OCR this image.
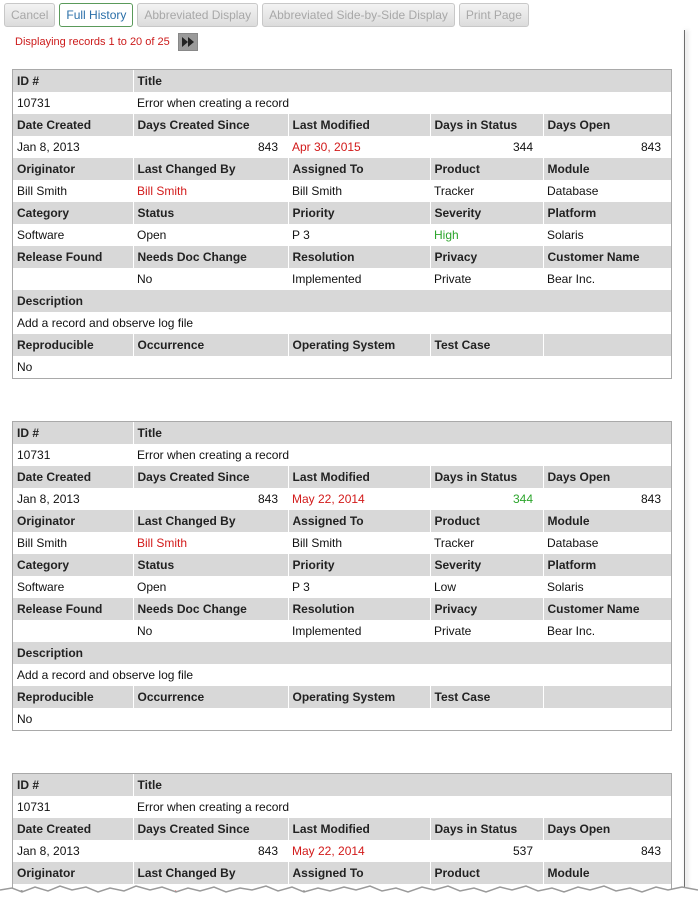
Cancel	Full History	Abbreviated Display	Abbreviated Side-by-Side Display	Print Page
Displaying records 1 to 20 of 25
ID #	Title			
10731	Error when creating a record			
Date Created	Days Created Since	Last Modified	Days in Status	Days Open
Jan 8, 2013	843	Apr 30, 2015	344	843
Originator	Last Changed By	Assigned To	Product	Module
Bill Smith	Bill Smith	Bill Smith	Tracker	Database
Category	Status	Priority	Severity	Platform
Software	Open	P 3	High	Solaris
Release Found	Needs Doc Change	Resolution	Privacy	Customer Name
	No	Implemented	Private	Bear Inc.
Description				
Add a record and observe log file				
Reproducible	Occurrence	Operating System	Test Case	
No				
ID #	Title			
10731	Error when creating a record			
Date Created	Days Created Since	Last Modified	Days in Status	Days Open
Jan 8, 2013	843	May 22, 2014	344	843
Originator	Last Changed By	Assigned To	Product	Module
Bill Smith	Bill Smith	Bill Smith	Tracker	Database
Category	Status	Priority	Severity	Platform
Software	Open	P 3	Low	Solaris
Release Found	Needs Doc Change	Resolution	Privacy	Customer Name
	No	Implemented	Private	Bear Inc.
Description				
Add a record and observe log file				
Reproducible	Occurrence	Operating System	Test Case	
No				
ID #	Title			
10731	Error when creating a record			
Date Created	Days Created Since	Last Modified	Days in Status	Days Open
Jan 8, 2013	843	May 22, 2014	537	843
Originator	Last Changed By	Assigned To	Product	Module
